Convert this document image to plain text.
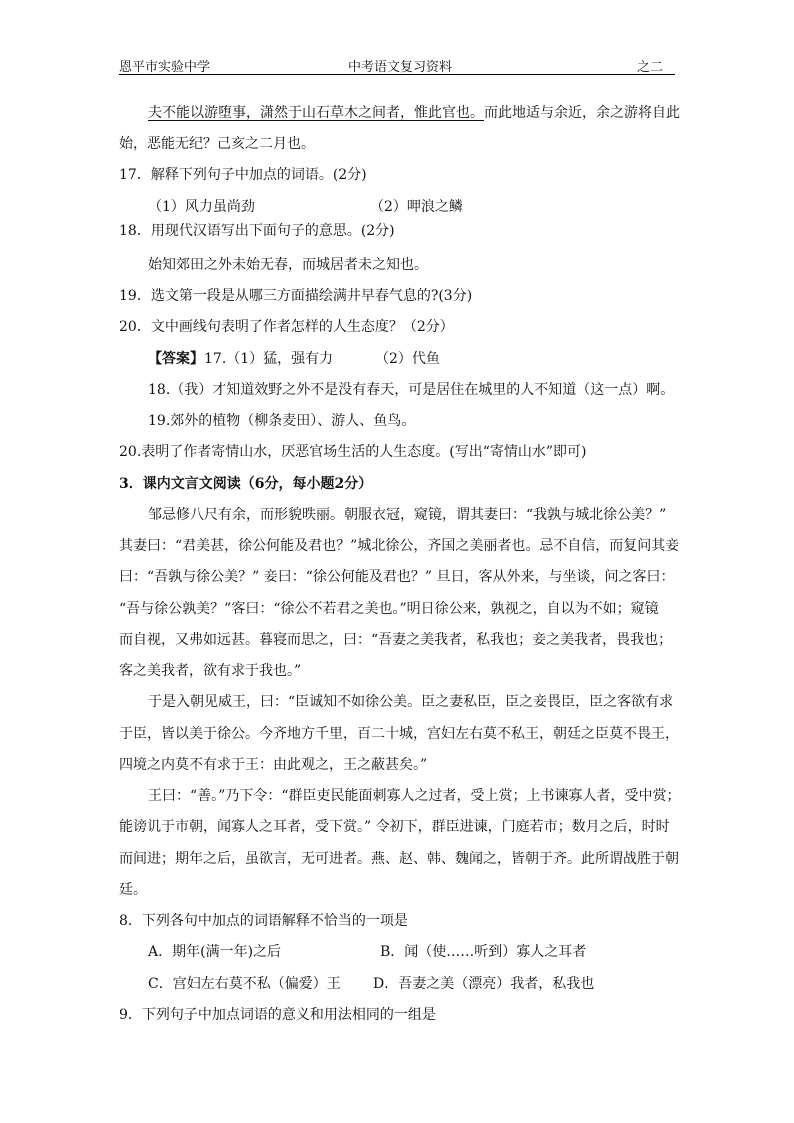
恩平市实验中学	中考语文复习资料	之二
夫不能以游堕事，潇然于山石草木之间者，惟此官也。而此地适与余近，余之游将自此
始，恶能无纪？己亥之二月也。
17．解释下列句子中加点的词语。(2分)
（1）风力虽尚劲	（2）呷浪之鳞
18．用现代汉语写出下面句子的意思。(2分)
始知郊田之外未始无春，而城居者未之知也。
19．选文第一段是从哪三方面描绘满井早春气息的?(3分)
20．文中画线句表明了作者怎样的人生态度？（2分）
【答案】17.（1）猛，强有力	（2）代鱼
18.（我）才知道效野之外不是没有春天，可是居住在城里的人不知道（这一点）啊。
19.郊外的植物（柳条麦田）、游人、鱼鸟。
20.表明了作者寄情山水，厌恶官场生活的人生态度。(写出“寄情山水”即可)
3．课内文言文阅读（6分，每小题2分）
邹忌修八尺有余，而形貌昳丽。朝服衣冠，窥镜，谓其妻曰：“我孰与城北徐公美？”
其妻曰：“君美甚，徐公何能及君也？”城北徐公，齐国之美丽者也。忌不自信，而复问其妾
曰：“吾孰与徐公美？” 妾曰：“徐公何能及君也？” 旦日，客从外来，与坐谈，问之客曰：
“吾与徐公孰美？”客曰：“徐公不若君之美也。”明日徐公来，孰视之，自以为不如；窥镜
而自视，又弗如远甚。暮寝而思之，曰：“吾妻之美我者，私我也；妾之美我者，畏我也；
客之美我者，欲有求于我也。”
于是入朝见威王，曰：“臣诚知不如徐公美。臣之妻私臣，臣之妾畏臣，臣之客欲有求
于臣，皆以美于徐公。今齐地方千里，百二十城，宫妇左右莫不私王，朝廷之臣莫不畏王，
四境之内莫不有求于王：由此观之，王之蔽甚矣。”
王曰：“善。”乃下令：“群臣吏民能面刺寡人之过者，受上赏；上书谏寡人者，受中赏；
能谤讥于市朝，闻寡人之耳者，受下赏。” 令初下，群臣进谏，门庭若市；数月之后，时时
而间进；期年之后，虽欲言，无可进者。燕、赵、韩、魏闻之，皆朝于齐。此所谓战胜于朝
廷。
8．下列各句中加点的词语解释不恰当的一项是
A．期年(满一年)之后	B．闻（使……听到）寡人之耳者
C．宫妇左右莫不私（偏爱）王 D．吾妻之美（漂亮）我者，私我也
9．下列句子中加点词语的意义和用法相同的一组是
